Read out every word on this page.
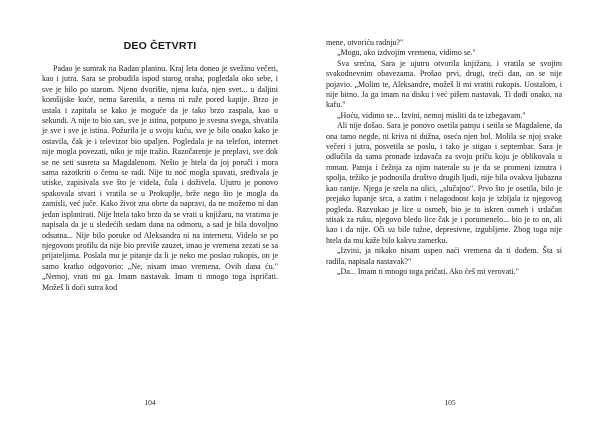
DEO ČETVRTI

Padao je sumrak na Radan planinu. Kraj leta doneo je svežinu večeri, kao i jutra. Sara se probudila ispod starog oraha, pogledala oko sebe, i sve je bilo po starom. Njeno dvorište, njena kuća, njen svet... u daljini komšijske kuće, nema šarenila, a nema ni ruže pored kapije. Brzo je ustala i zapitala se kako je moguće da je tako brzo zaspala, kao u sekundi. A nije to bio san, sve je istina, potpuno je svesna svega, shvatila je sve i sve je istina. Požurila je u svoju kuću, sve je bilo onako kako je ostavila, čak je i televizor bio upaljen. Pogledala je na telefon, internet nije mogla povezati, niko je nije tražio. Razočarenje je preplavi, sve dok se ne seti susreta sa Magdalenom. Nešto je htela da joj poruči i mora sama razotkriti o čemu se radi. Nije tu noć mogla spavati, sređivala je utiske, zapisivala sve što je videla, čula i doživela. Ujutru je ponovo spakovala stvari i vratila se u Prokuplje, brže nego što je mogla da zamisli, već juče. Kako život zna obrte da napravi, da ne možemo ni dan jedan isplanirati. Nije htela tako brzo da se vrati u knjižaru, na vratima je napisala da je u sledećih sedam dana na odmoru, a sad je bila dovoljno odsutna... Nije bilo poruke od Aleksandra ni na internetu. Videlo se po njegovom profilu da nije bio previše zauzet, imao je vremena zezati se sa prijateljima. Poslala mu je pitanje da li je neko me poslao rukopis, on je samo kratko odgovorio: „Ne, nisam imao vremena. Ovih dana ću." „Nemoj, vrati mi ga. Imam nastavak. Imam ti mnogo toga ispričati. Možeš li doći sutra kod

104

mene, otvoriću radnju?"

„Mogu, ako izdvojim vremena, vidimo se."

Sva srećna, Sara je ujutru otvorila knjižaru, i vratila se svojim svakodnevnim obavezama. Prošao prvi, drugi, treći dan, on se nije pojavio. „Molim te, Aleksandre, možeš li mi vratiti rukopis. Uostalom, i nije bitno. Ja ga imam na disku i već pišem nastavak. Ti dođi onako, na kafu."

„Hoću, vidimo se... Izvini, nemoj misliti da te izbegavam."

Ali nije došao. Sara je ponovo osetila patnju i setila se Magdalene, da ona tamo negde, ni kriva ni dužna, oseća njen bol. Molila se njoj svake večeri i jutra, posvetila se poslu, i tako je stigao i septembar. Sara je odlučila da sama pronađe izdavača za svoju priču koju je oblikovala u roman. Patnja i čežnja za njim naterale su je da se promeni iznutra i spolja, težiko je podnosila društvo drugih ljudi, nije bila ovakva ljubazna kao ranije. Njega je srela na ulici, „slučajno". Prvo što je osetila, bilo je prejako lupanje srca, a zatim i nelagodnost koja je izbijala iz njegovog pogleda. Razvukao je lice u osmeh, bio je to iskren osmeh i srdačan stisak za ruku, njegovo bledo lice čak je i porumenelo... bio je to on, ali kao i da nije. Oči su bile tužne, depresivne, izgubljene. Zbog toga nije htela da mu kaže bilo kakvu zamerku.

„Izvini, ja nikako nisam uspeo naći vremena da ti dođem. Šta si radila, napisala nastavak?"

„Da... Imam ti mnogo toga pričati. Ako ćeš mi verovati."

105
